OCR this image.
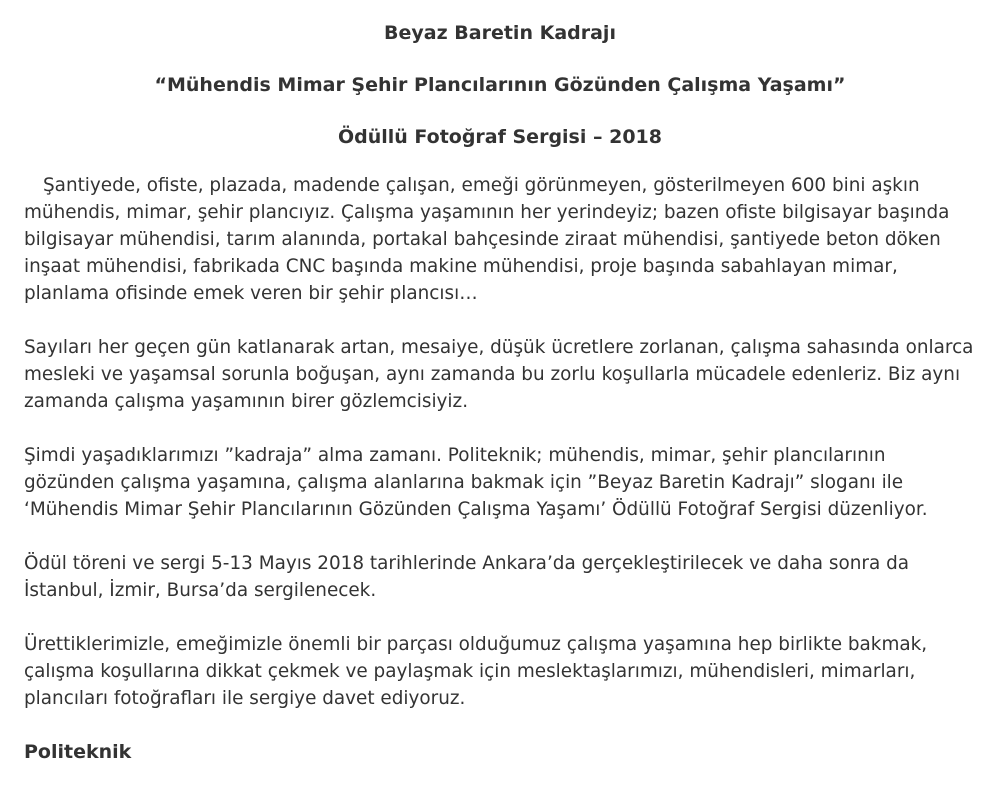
Beyaz Baretin Kadrajı
“Mühendis Mimar Şehir Plancılarının Gözünden Çalışma Yaşamı”
Ödüllü Fotoğraf Sergisi – 2018

Şantiyede, ofiste, plazada, madende çalışan, emeği görünmeyen, gösterilmeyen 600 bini aşkın mühendis, mimar, şehir plancıyız. Çalışma yaşamının her yerindeyiz; bazen ofiste bilgisayar başında bilgisayar mühendisi, tarım alanında, portakal bahçesinde ziraat mühendisi, şantiyede beton döken inşaat mühendisi, fabrikada CNC başında makine mühendisi, proje başında sabahlayan mimar, planlama ofisinde emek veren bir şehir plancısı…

Sayıları her geçen gün katlanarak artan, mesaiye, düşük ücretlere zorlanan, çalışma sahasında onlarca mesleki ve yaşamsal sorunla boğuşan, aynı zamanda bu zorlu koşullarla mücadele edenleriz. Biz aynı zamanda çalışma yaşamının birer gözlemcisiyiz.

Şimdi yaşadıklarımızı ”kadraja” alma zamanı. Politeknik; mühendis, mimar, şehir plancılarının gözünden çalışma yaşamına, çalışma alanlarına bakmak için ”Beyaz Baretin Kadrajı” sloganı ile ‘Mühendis Mimar Şehir Plancılarının Gözünden Çalışma Yaşamı’ Ödüllü Fotoğraf Sergisi düzenliyor.

Ödül töreni ve sergi 5-13 Mayıs 2018 tarihlerinde Ankara’da gerçekleştirilecek ve daha sonra da İstanbul, İzmir, Bursa’da sergilenecek.

Ürettiklerimizle, emeğimizle önemli bir parçası olduğumuz çalışma yaşamına hep birlikte bakmak, çalışma koşullarına dikkat çekmek ve paylaşmak için meslektaşlarımızı, mühendisleri, mimarları, plancıları fotoğrafları ile sergiye davet ediyoruz.

Politeknik
